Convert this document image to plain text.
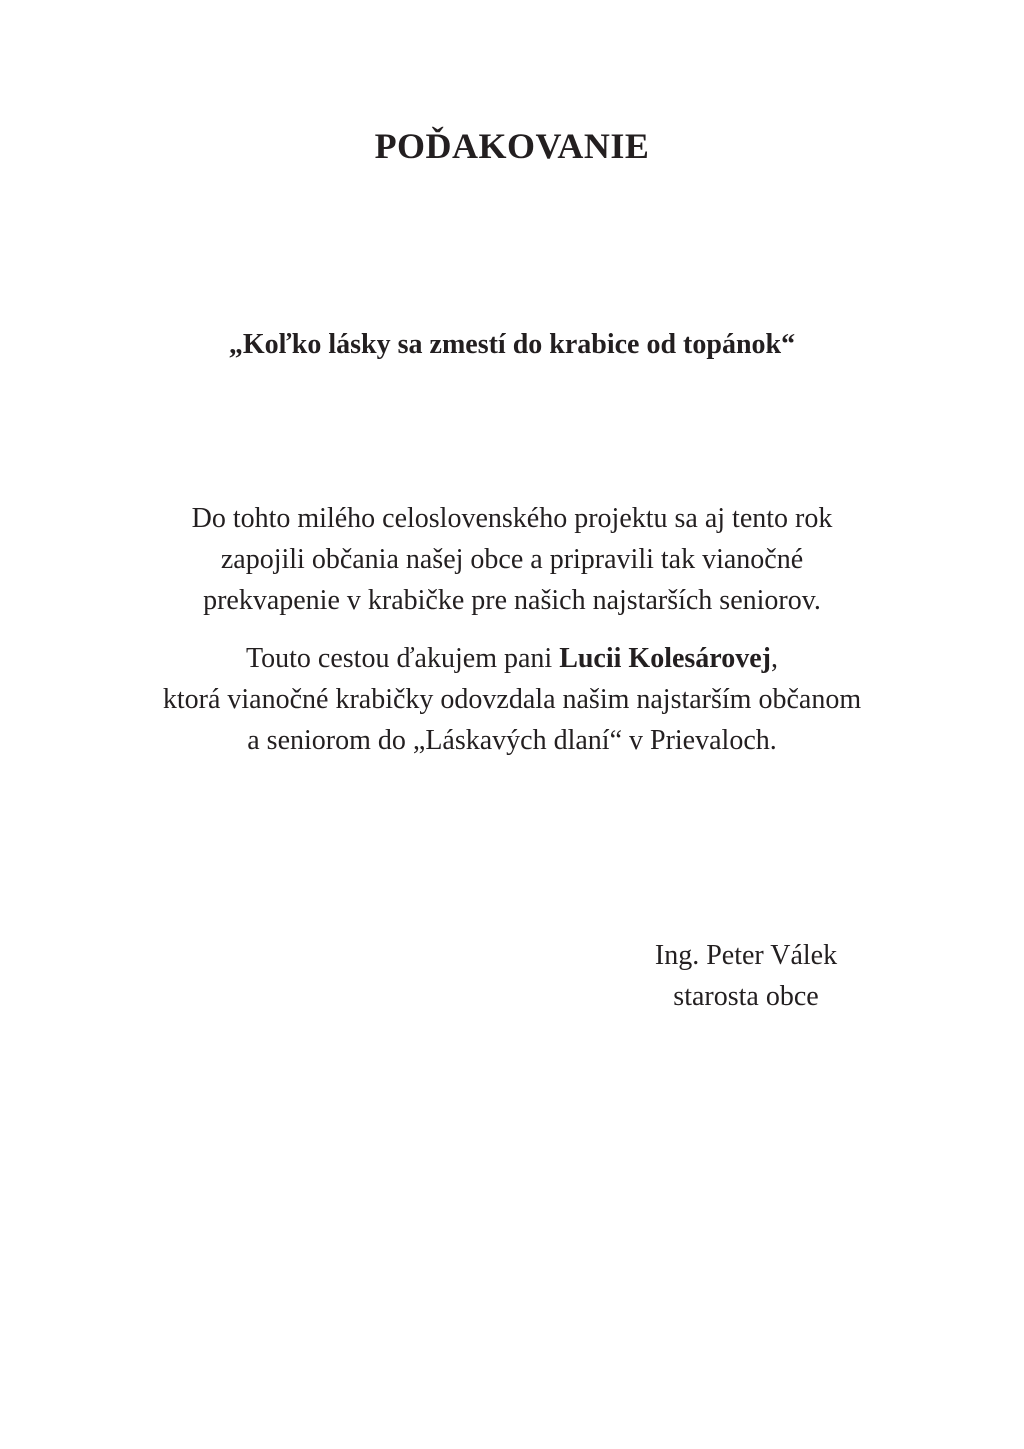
POĎAKOVANIE
„Koľko lásky sa zmestí do krabice od topánok“
Do tohto milého celoslovenského projektu sa aj tento rok
zapojili občania našej obce a pripravili tak vianočné
prekvapenie v krabičke pre našich najstarších seniorov.
Touto cestou ďakujem pani Lucii Kolesárovej,
ktorá vianočné krabičky odovzdala našim najstarším občanom
a seniorom do „Láskavých dlaní“ v Prievaloch.
Ing. Peter Válek
starosta obce
